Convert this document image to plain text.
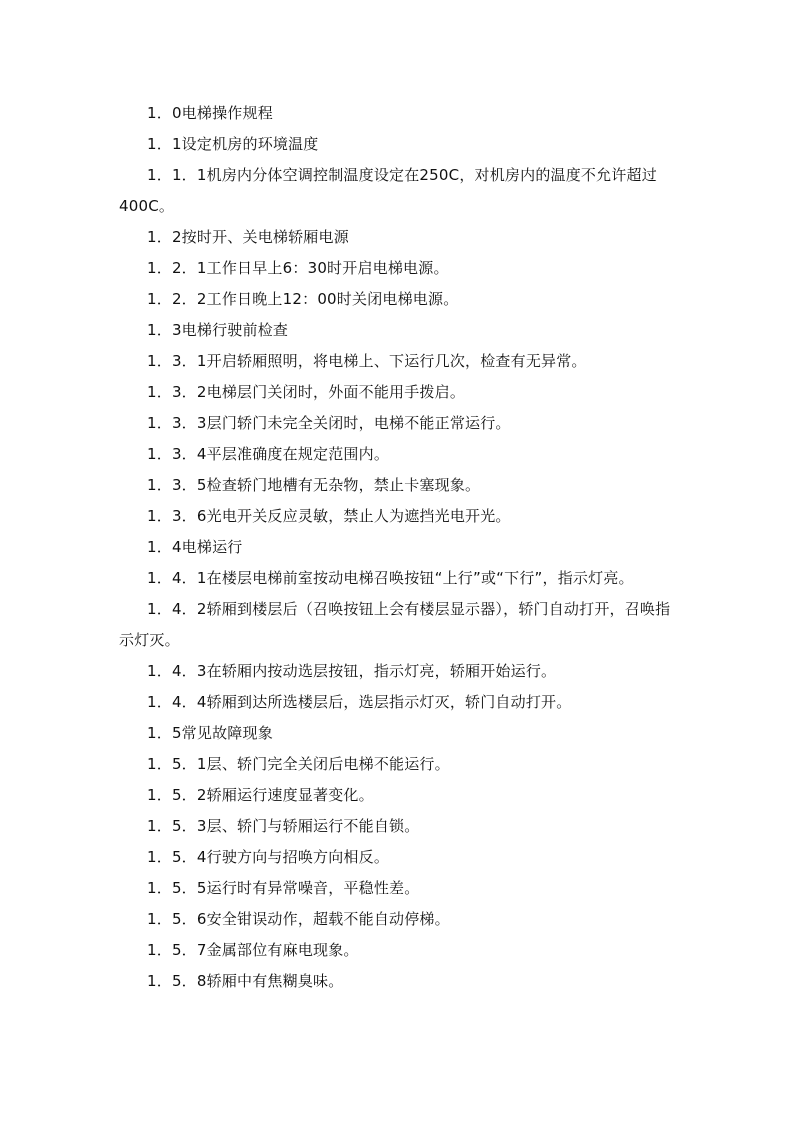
1．0电梯操作规程

1．1设定机房的环境温度

1．1．1机房内分体空调控制温度设定在250C，对机房内的温度不允许超过400C。

1．2按时开、关电梯轿厢电源

1．2．1工作日早上6：30时开启电梯电源。

1．2．2工作日晚上12：00时关闭电梯电源。

1．3电梯行驶前检查

1．3．1开启轿厢照明，将电梯上、下运行几次，检查有无异常。

1．3．2电梯层门关闭时，外面不能用手拨启。

1．3．3层门轿门未完全关闭时，电梯不能正常运行。

1．3．4平层准确度在规定范围内。

1．3．5检查轿门地槽有无杂物，禁止卡塞现象。

1．3．6光电开关反应灵敏，禁止人为遮挡光电开光。

1．4电梯运行

1．4．1在楼层电梯前室按动电梯召唤按钮“上行”或“下行”，指示灯亮。

1．4．2轿厢到楼层后（召唤按钮上会有楼层显示器），轿门自动打开，召唤指示灯灭。

1．4．3在轿厢内按动选层按钮，指示灯亮，轿厢开始运行。

1．4．4轿厢到达所选楼层后，选层指示灯灭，轿门自动打开。

1．5常见故障现象

1．5．1层、轿门完全关闭后电梯不能运行。

1．5．2轿厢运行速度显著变化。

1．5．3层、轿门与轿厢运行不能自锁。

1．5．4行驶方向与招唤方向相反。

1．5．5运行时有异常噪音，平稳性差。

1．5．6安全钳误动作，超载不能自动停梯。

1．5．7金属部位有麻电现象。

1．5．8轿厢中有焦糊臭味。
